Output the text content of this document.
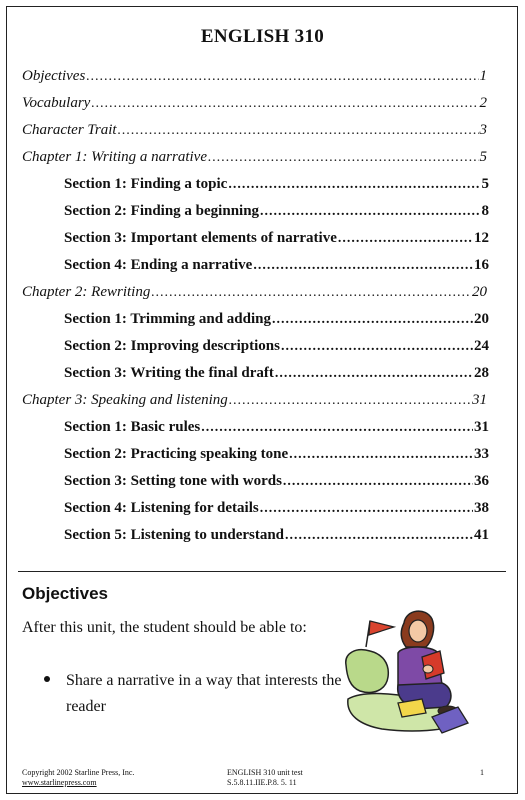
ENGLISH 310
Objectives .....	1
Vocabulary .....	2
Character Trait .....	3
Chapter 1: Writing a narrative .....	5
Section 1: Finding a topic .....	5
Section 2: Finding a beginning .....	8
Section 3: Important elements of narrative .....	12
Section 4: Ending a narrative .....	16
Chapter 2: Rewriting .....	20
Section 1: Trimming and adding .....	20
Section 2: Improving descriptions .....	24
Section 3: Writing the final draft .....	28
Chapter 3: Speaking and listening .....	31
Section 1: Basic rules .....	31
Section 2: Practicing speaking tone .....	33
Section 3: Setting tone with words .....	36
Section 4: Listening for details .....	38
Section 5: Listening to understand .....	41
Objectives
After this unit, the student should be able to:
Share a narrative in a way that interests the reader
Copyright 2002 Starline Press, Inc.
www.starlinepress.com
ENGLISH 310 unit test
S.5.8.11.IIE.P.8. 5. 11
1
